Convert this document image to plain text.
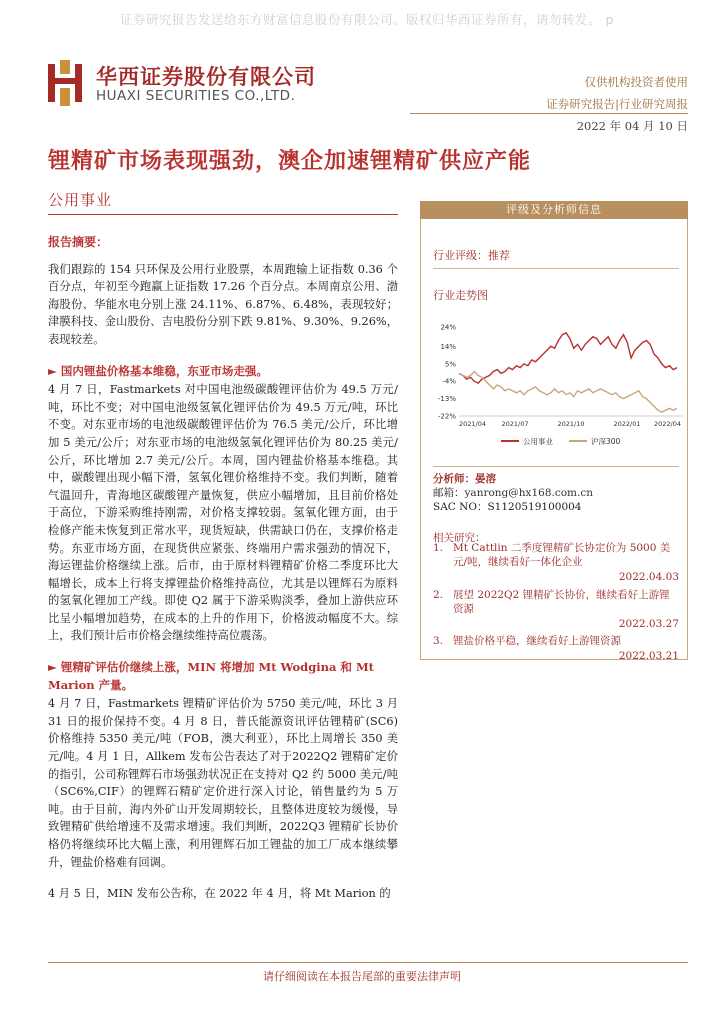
证券研究报告发送给东方财富信息股份有限公司。版权归华西证券所有，请勿转发。 p
华西证券股份有限公司
HUAXI SECURITIES CO.,LTD.
仅供机构投资者使用
证券研究报告|行业研究周报
2022 年 04 月 10 日
锂精矿市场表现强劲，澳企加速锂精矿供应产能
公用事业
报告摘要：

我们跟踪的 154 只环保及公用行业股票，本周跑输上证指数 0.36 个百分点，年初至今跑赢上证指数 17.26 个百分点。本周南京公用、渤海股份、华能水电分别上涨 24.11%、6.87%、6.48%，表现较好；津膜科技、金山股份、吉电股份分别下跌 9.81%、9.30%、9.26%，表现较差。

► 国内锂盐价格基本维稳，东亚市场走强。

4 月 7 日，Fastmarkets 对中国电池级碳酸锂评估价为 49.5 万元/吨，环比不变；对中国电池级氢氧化锂评估价为 49.5 万元/吨，环比不变。对东亚市场的电池级碳酸锂评估价为 76.5 美元/公斤，环比增加 5 美元/公斤；对东亚市场的电池级氢氧化锂评估价为 80.25 美元/公斤，环比增加 2.7 美元/公斤。本周，国内锂盐价格基本维稳。其中，碳酸锂出现小幅下滑，氢氧化锂价格维持不变。我们判断，随着气温回升，青海地区碳酸锂产量恢复，供应小幅增加，且目前价格处于高位，下游采购维持刚需，对价格支撑较弱。氢氧化锂方面，由于检修产能未恢复到正常水平，现货短缺，供需缺口仍在，支撑价格走势。东亚市场方面，在现货供应紧张、终端用户需求强劲的情况下，海运锂盐价格继续上涨。后市，由于原材料锂精矿价格二季度环比大幅增长，成本上行将支撑锂盐价格维持高位，尤其是以锂辉石为原料的氢氧化锂加工产线。即使 Q2 属于下游采购淡季，叠加上游供应环比呈小幅增加趋势，在成本的上升的作用下，价格波动幅度不大。综上，我们预计后市价格会继续维持高位震荡。

► 锂精矿评估价继续上涨，MIN 将增加 Mt Wodgina 和 Mt Marion 产量。

4 月 7 日，Fastmarkets 锂精矿评估价为 5750 美元/吨，环比 3 月 31 日的报价保持不变。4 月 8 日，普氏能源资讯评估锂精矿(SC6) 价格维持 5350 美元/吨（FOB，澳大利亚），环比上周增长 350 美元/吨。4 月 1 日，Allkem 发布公告表达了对于2022Q2 锂精矿定价的指引，公司称锂辉石市场强劲状况正在支持对 Q2 约 5000 美元/吨（SC6%,CIF）的锂辉石精矿定价进行深入讨论，销售量约为 5 万吨。由于目前，海内外矿山开发周期较长，且整体进度较为缓慢，导致锂精矿供给增速不及需求增速。我们判断，2022Q3 锂精矿长协价格仍将继续环比大幅上涨，利用锂辉石加工锂盐的加工厂成本继续攀升，锂盐价格难有回调。

4 月 5 日，MIN 发布公告称，在 2022 年 4 月，将 Mt Marion 的

评级及分析师信息
行业评级：推荐
行业走势图
24%
14%
5%
-4%
-13%
-22%
2021/04 2021/07	2021/10	2022/01 2022/04
公用事业	沪深300
分析师：晏溶
邮箱：yanrong@hx168.com.cn
SAC NO：S1120519100004
相关研究：
1. Mt Cattlin 二季度锂精矿长协定价为 5000 美元/吨，继续看好一体化企业
2022.04.03
2. 展望 2022Q2 锂精矿长协价，继续看好上游锂资源
2022.03.27
3. 锂盐价格平稳，继续看好上游锂资源
2022.03.21
请仔细阅读在本报告尾部的重要法律声明
